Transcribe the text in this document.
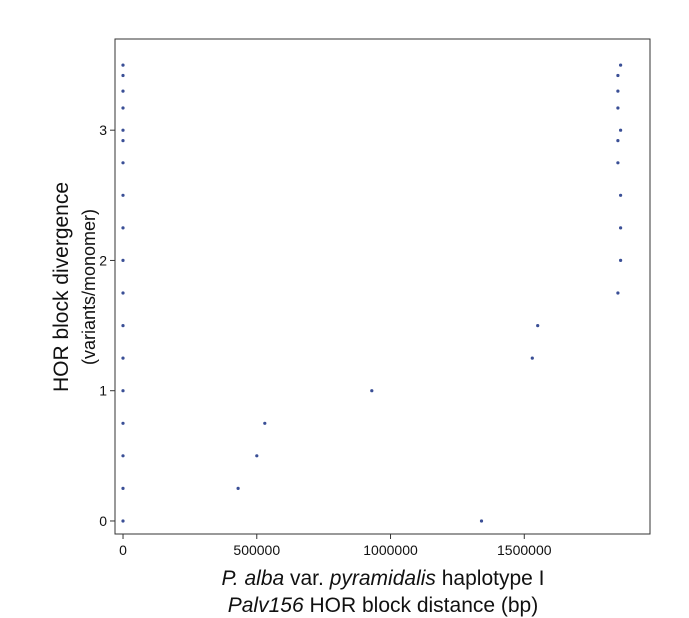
0
1
2
3
0	500000	1000000	1500000
P. alba var. pyramidalis haplotype I
Palv156 HOR block distance (bp)
HOR block divergence (variants/monomer)
